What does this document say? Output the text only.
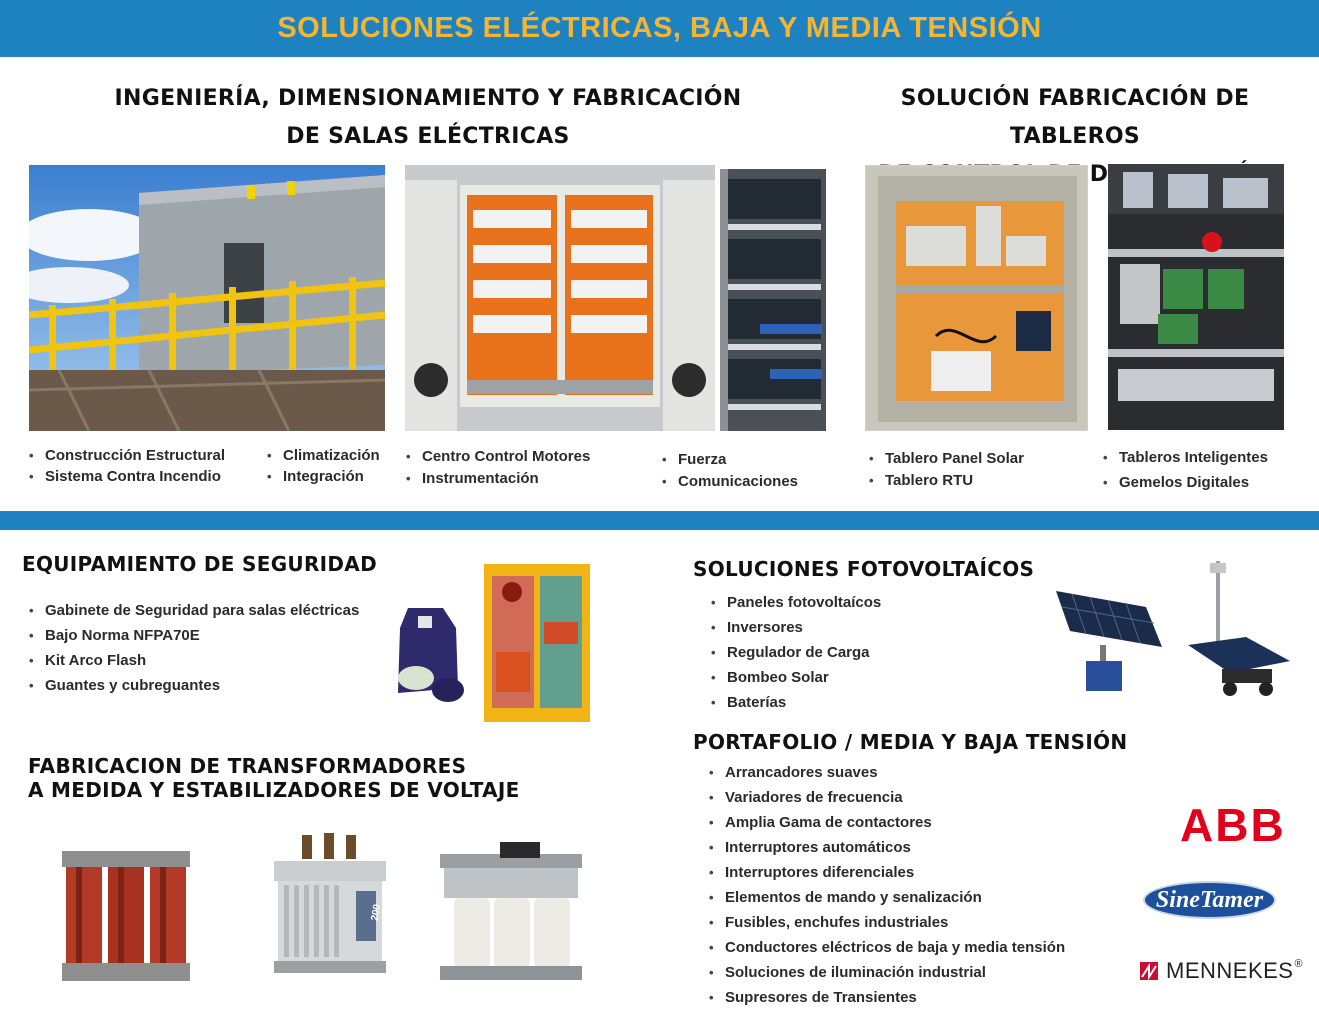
SOLUCIONES ELÉCTRICAS, BAJA Y MEDIA TENSIÓN
INGENIERÍA, DIMENSIONAMIENTO Y FABRICACIÓN
DE SALAS ELÉCTRICAS
• Construcción Estructural
• Sistema Contra Incendio
• Climatización
• Integración
• Centro Control Motores
• Instrumentación
• Fuerza
• Comunicaciones
SOLUCIÓN FABRICACIÓN DE TABLEROS
• Tablero Panel Solar
• Tablero RTU
• Tableros Inteligentes
• Gemelos Digitales
EQUIPAMIENTO DE SEGURIDAD
• Gabinete de Seguridad para salas eléctricas
• Bajo Norma NFPA70E
• Kit Arco Flash
• Guantes y cubreguantes
FABRICACION DE TRANSFORMADORES
A MEDIDA Y ESTABILIZADORES DE VOLTAJE
200
SOLUCIONES FOTOVOLTAÍCOS
• Paneles fotovoltaícos
• Inversores
• Regulador de Carga
• Bombeo Solar
• Baterías
PORTAFOLIO / MEDIA Y BAJA TENSIÓN
• Arrancadores suaves
• Variadores de frecuencia
• Amplia Gama de contactores
• Interruptores automáticos
• Interruptores diferenciales
• Elementos de mando y senalización
• Fusibles, enchufes industriales
• Conductores eléctricos de baja y media tensión
• Soluciones de iluminación industrial
• Supresores de Transientes
ABB
SineTamer
MENNEKES ®
